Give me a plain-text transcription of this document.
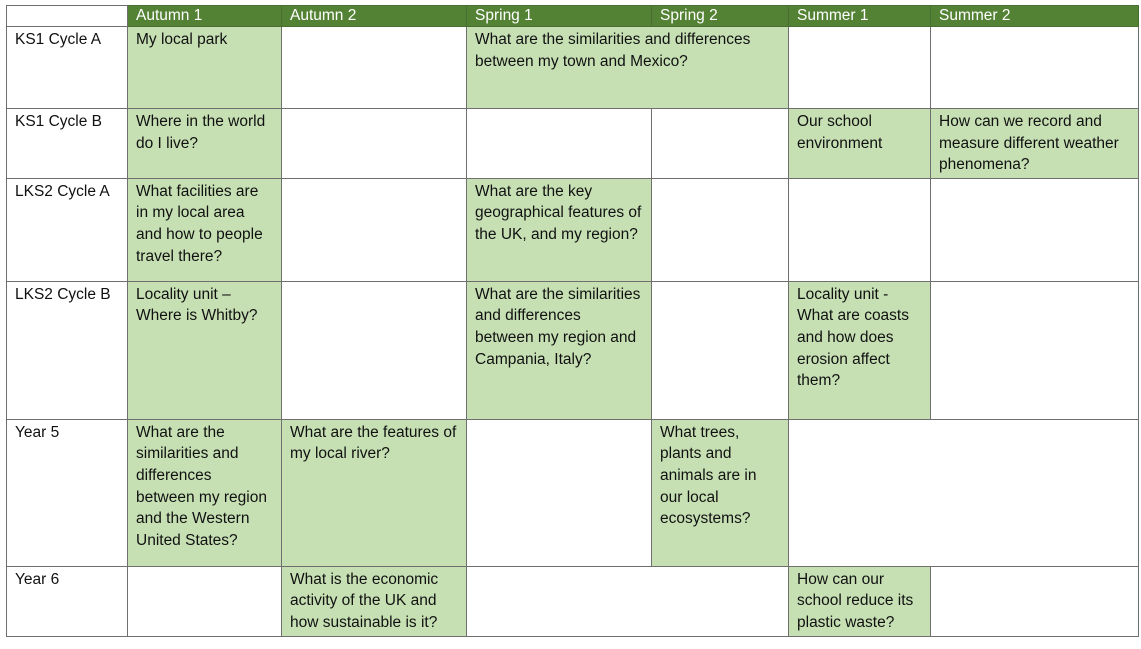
	Autumn 1	Autumn 2	Spring 1	Spring 2	Summer 1	Summer 2
KS1 Cycle A	My local park		What are the similarities and differences between my town and Mexico?			
KS1 Cycle B	Where in the world do I live?				Our school environment	How can we record and measure different weather phenomena?
LKS2 Cycle A	What facilities are in my local area and how to people travel there?		What are the key geographical features of the UK, and my region?			
LKS2 Cycle B	Locality unit – Where is Whitby?		What are the similarities and differences between my region and Campania, Italy?		Locality unit - What are coasts and how does erosion affect them?	
Year 5	What are the similarities and differences between my region and the Western United States?	What are the features of my local river?		What trees, plants and animals are in our local ecosystems?		
Year 6		What is the economic activity of the UK and how sustainable is it?			How can our school reduce its plastic waste?	
